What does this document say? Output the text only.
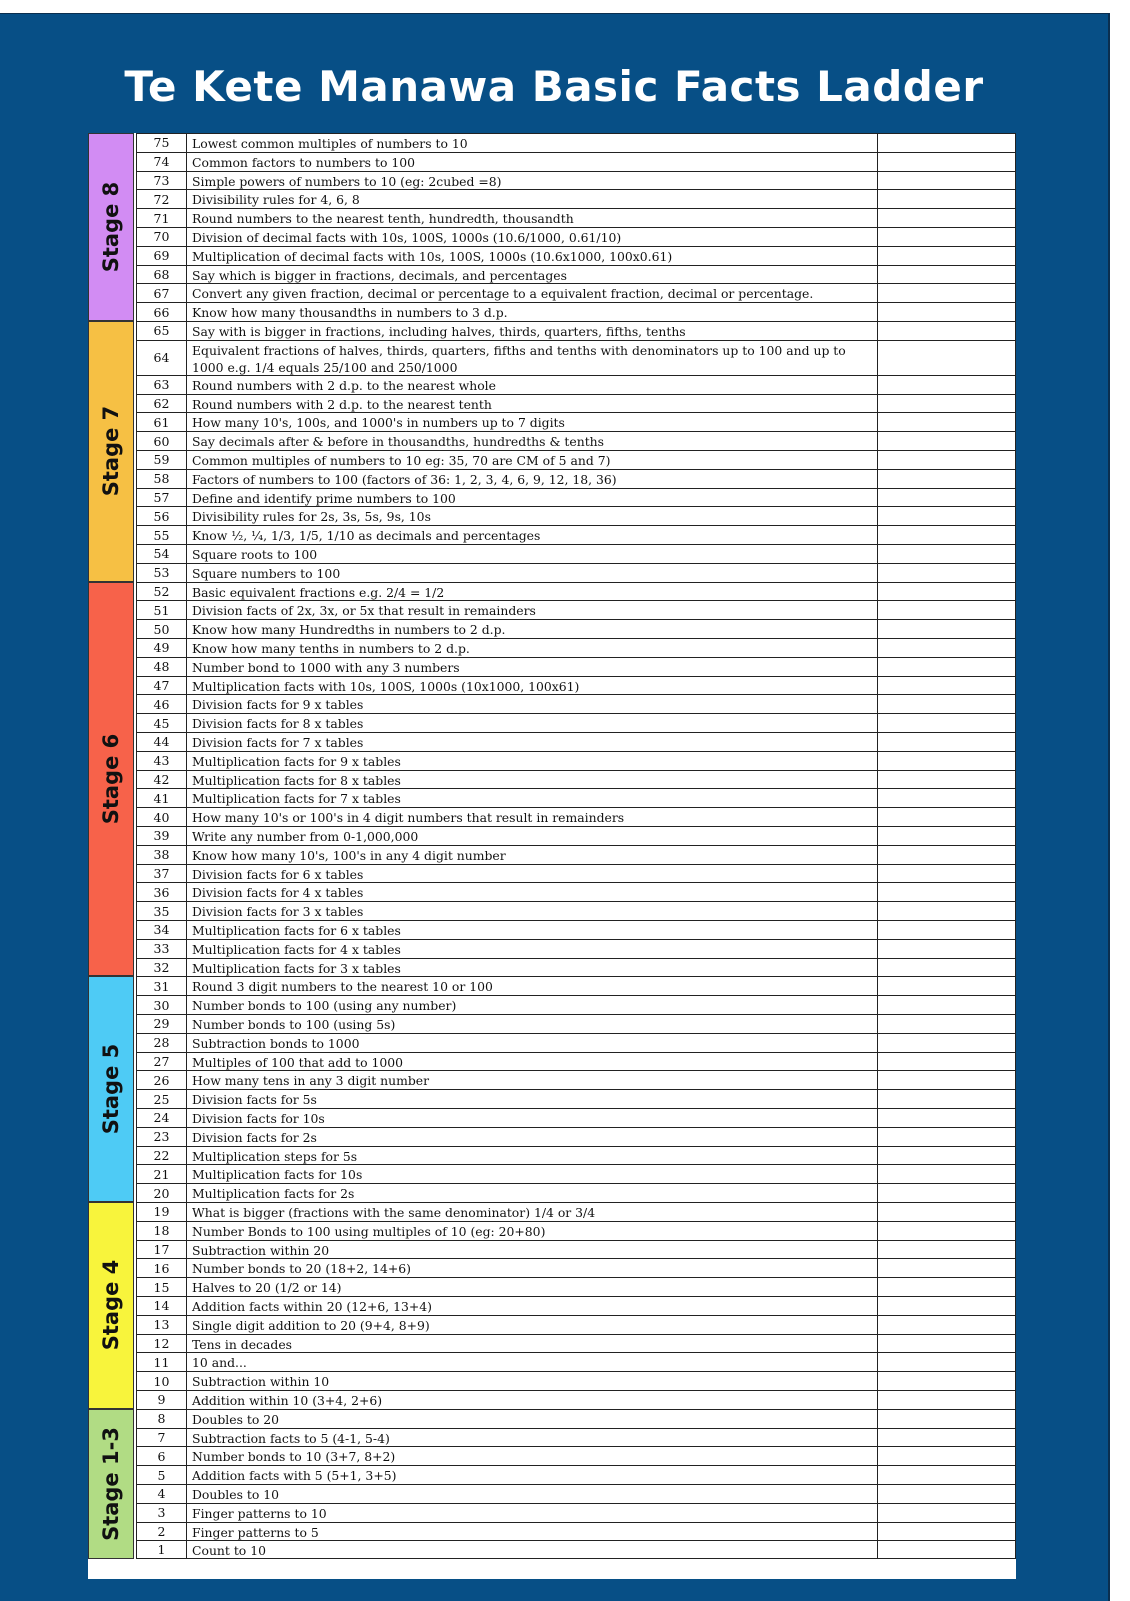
Te Kete Manawa Basic Facts Ladder
75	Lowest common multiples of numbers to 10
74	Common factors to numbers to 100
73	Simple powers of numbers to 10 (eg: 2cubed =8)
72	Divisibility rules for 4, 6, 8
71	Round numbers to the nearest tenth, hundredth, thousandth
70	Division of decimal facts with 10s, 100S, 1000s (10.6/1000, 0.61/10)
69	Multiplication of decimal facts with 10s, 100S, 1000s (10.6x1000, 100x0.61)
68	Say which is bigger in fractions, decimals, and percentages
67	Convert any given fraction, decimal or percentage to a equivalent fraction, decimal or percentage.
66	Know how many thousandths in numbers to 3 d.p.
65	Say with is bigger in fractions, including halves, thirds, quarters, fifths, tenths
64	Equivalent fractions of halves, thirds, quarters, fifths and tenths with denominators up to 100 and up to 1000 e.g. 1/4 equals 25/100 and 250/1000
63	Round numbers with 2 d.p. to the nearest whole
62	Round numbers with 2 d.p. to the nearest tenth
61	How many 10's, 100s, and 1000's in numbers up to 7 digits
60	Say decimals after & before in thousandths, hundredths & tenths
59	Common multiples of numbers to 10 eg: 35, 70 are CM of 5 and 7)
58	Factors of numbers to 100 (factors of 36: 1, 2, 3, 4, 6, 9, 12, 18, 36)
57	Define and identify prime numbers to 100
56	Divisibility rules for 2s, 3s, 5s, 9s, 10s
55	Know ½, ¼, 1/3, 1/5, 1/10 as decimals and percentages
54	Square roots to 100
53	Square numbers to 100
52	Basic equivalent fractions e.g. 2/4 = 1/2
51	Division facts of 2x, 3x, or 5x that result in remainders
50	Know how many Hundredths in numbers to 2 d.p.
49	Know how many tenths in numbers to 2 d.p.
48	Number bond to 1000 with any 3 numbers
47	Multiplication facts with 10s, 100S, 1000s (10x1000, 100x61)
46	Division facts for 9 x tables
45	Division facts for 8 x tables
44	Division facts for 7 x tables
43	Multiplication facts for 9 x tables
42	Multiplication facts for 8 x tables
41	Multiplication facts for 7 x tables
40	How many 10's or 100's in 4 digit numbers that result in remainders
39	Write any number from 0-1,000,000
38	Know how many 10's, 100's in any 4 digit number
37	Division facts for 6 x tables
36	Division facts for 4 x tables
35	Division facts for 3 x tables
34	Multiplication facts for 6 x tables
33	Multiplication facts for 4 x tables
32	Multiplication facts for 3 x tables
31	Round 3 digit numbers to the nearest 10 or 100
30	Number bonds to 100 (using any number)
29	Number bonds to 100 (using 5s)
28	Subtraction bonds to 1000
27	Multiples of 100 that add to 1000
26	How many tens in any 3 digit number
25	Division facts for 5s
24	Division facts for 10s
23	Division facts for 2s
22	Multiplication steps for 5s
21	Multiplication facts for 10s
20	Multiplication facts for 2s
19	What is bigger (fractions with the same denominator) 1/4 or 3/4
18	Number Bonds to 100 using multiples of 10 (eg: 20+80)
17	Subtraction within 20
16	Number bonds to 20 (18+2, 14+6)
15	Halves to 20 (1/2 or 14)
14	Addition facts within 20 (12+6, 13+4)
13	Single digit addition to 20 (9+4, 8+9)
12	Tens in decades
11	10 and...
10	Subtraction within 10
9	Addition within 10 (3+4, 2+6)
8	Doubles to 20
7	Subtraction facts to 5 (4-1, 5-4)
6	Number bonds to 10 (3+7, 8+2)
5	Addition facts with 5 (5+1, 3+5)
4	Doubles to 10
3	Finger patterns to 10
2	Finger patterns to 5
1	Count to 10
Stage 8
Stage 7
Stage 6
Stage 5
Stage 4
Stage 1-3
